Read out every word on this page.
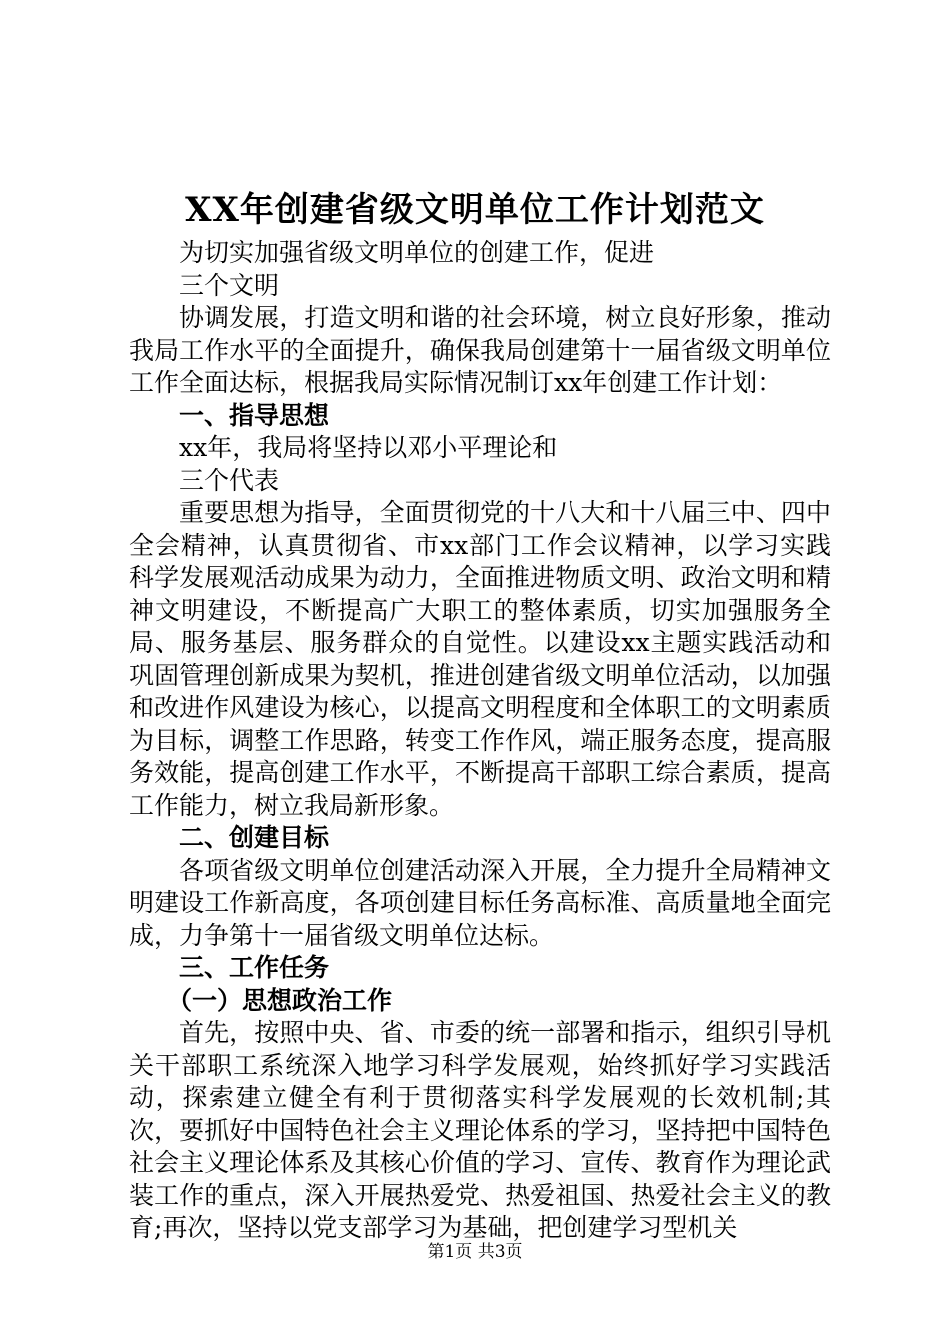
XX年创建省级文明单位工作计划范文

为切实加强省级文明单位的创建工作，促进

三个文明

协调发展，打造文明和谐的社会环境，树立良好形象，推动我局工作水平的全面提升，确保我局创建第十一届省级文明单位工作全面达标，根据我局实际情况制订xx年创建工作计划：

一、指导思想

xx年，我局将坚持以邓小平理论和

三个代表

重要思想为指导，全面贯彻党的十八大和十八届三中、四中全会精神，认真贯彻省、市xx部门工作会议精神，以学习实践科学发展观活动成果为动力，全面推进物质文明、政治文明和精神文明建设，不断提高广大职工的整体素质，切实加强服务全局、服务基层、服务群众的自觉性。以建设xx主题实践活动和巩固管理创新成果为契机，推进创建省级文明单位活动，以加强和改进作风建设为核心，以提高文明程度和全体职工的文明素质为目标，调整工作思路，转变工作作风，端正服务态度，提高服务效能，提高创建工作水平，不断提高干部职工综合素质，提高工作能力，树立我局新形象。

二、创建目标

各项省级文明单位创建活动深入开展，全力提升全局精神文明建设工作新高度，各项创建目标任务高标准、高质量地全面完成，力争第十一届省级文明单位达标。

三、工作任务

（一）思想政治工作

首先，按照中央、省、市委的统一部署和指示，组织引导机关干部职工系统深入地学习科学发展观，始终抓好学习实践活动，探索建立健全有利于贯彻落实科学发展观的长效机制;其次，要抓好中国特色社会主义理论体系的学习，坚持把中国特色社会主义理论体系及其核心价值的学习、宣传、教育作为理论武装工作的重点，深入开展热爱党、热爱祖国、热爱社会主义的教育;再次，坚持以党支部学习为基础，把创建学习型机关

第1页 共3页
